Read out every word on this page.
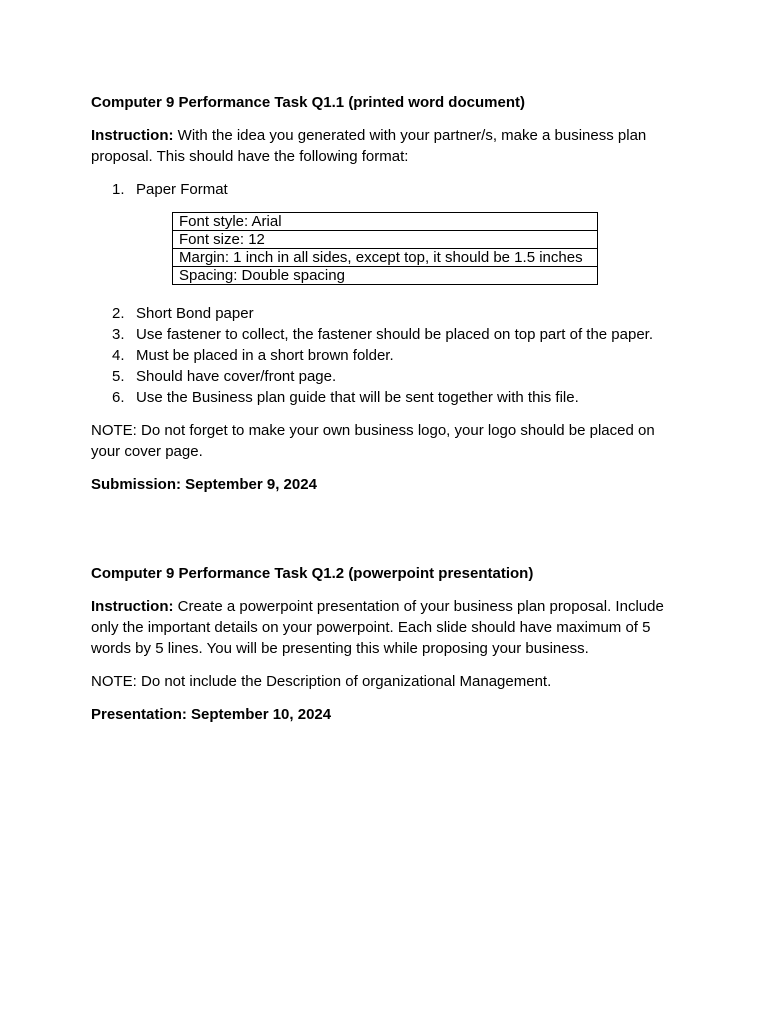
Computer 9 Performance Task Q1.1 (printed word document)

Instruction: With the idea you generated with your partner/s, make a business plan proposal. This should have the following format:

1. Paper Format
Font style: Arial
Font size: 12
Margin: 1 inch in all sides, except top, it should be 1.5 inches
Spacing: Double spacing
2. Short Bond paper
3. Use fastener to collect, the fastener should be placed on top part of the paper.
4. Must be placed in a short brown folder.
5. Should have cover/front page.
6. Use the Business plan guide that will be sent together with this file.

NOTE: Do not forget to make your own business logo, your logo should be placed on your cover page.

Submission: September 9, 2024

Computer 9 Performance Task Q1.2 (powerpoint presentation)

Instruction: Create a powerpoint presentation of your business plan proposal. Include only the important details on your powerpoint. Each slide should have maximum of 5 words by 5 lines. You will be presenting this while proposing your business.

NOTE: Do not include the Description of organizational Management.

Presentation: September 10, 2024
